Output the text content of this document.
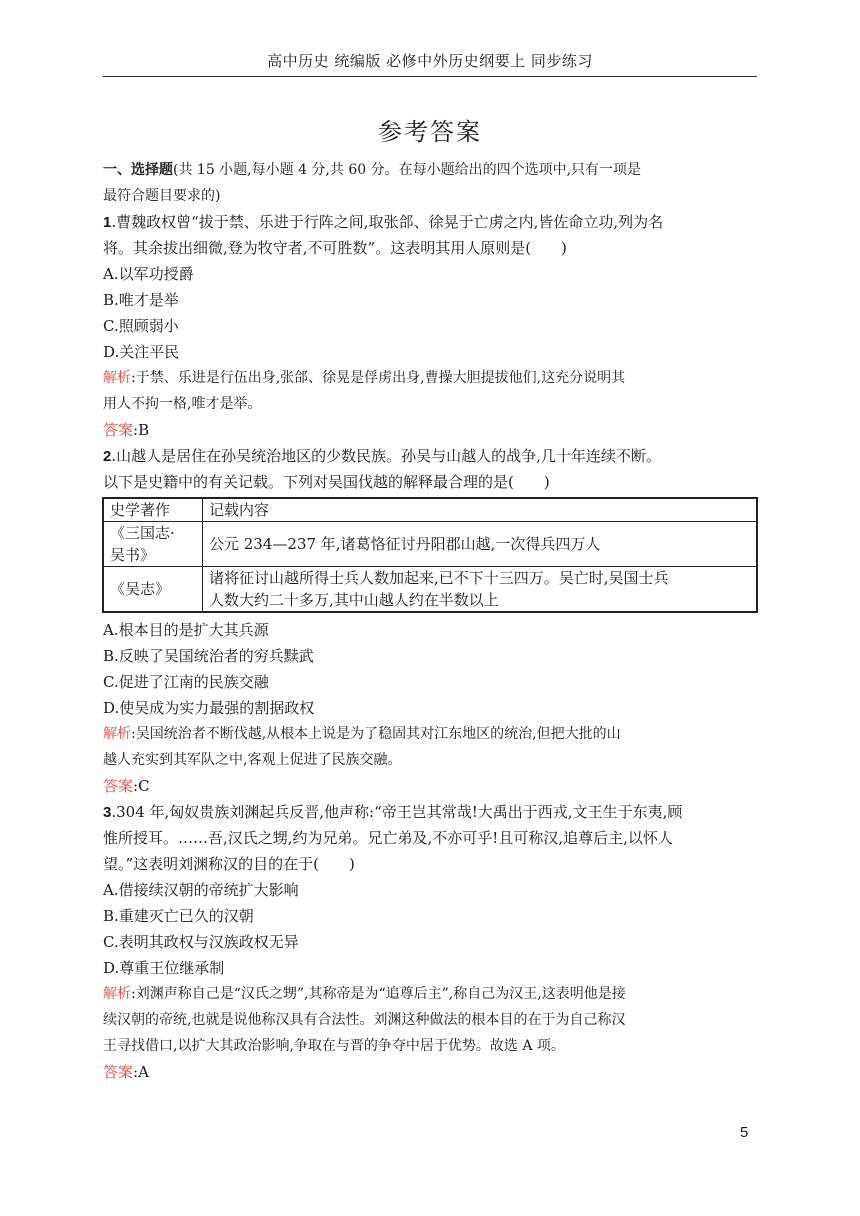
高中历史 统编版 必修中外历史纲要上 同步练习
参考答案
一、选择题(共 15 小题,每小题 4 分,共 60 分。在每小题给出的四个选项中,只有一项是
最符合题目要求的)
1.曹魏政权曾“拔于禁、乐进于行阵之间,取张郃、徐晃于亡虏之内,皆佐命立功,列为名
将。其余拔出细微,登为牧守者,不可胜数”。这表明其用人原则是(　　)
A.以军功授爵
B.唯才是举
C.照顾弱小
D.关注平民
解析:于禁、乐进是行伍出身,张郃、徐晃是俘虏出身,曹操大胆提拔他们,这充分说明其
用人不拘一格,唯才是举。
答案:B
2.山越人是居住在孙吴统治地区的少数民族。孙吴与山越人的战争,几十年连续不断。
以下是史籍中的有关记载。下列对吴国伐越的解释最合理的是(　　)
史学著作	记载内容

《三国志·
吴书》	公元 234—237 年,诸葛恪征讨丹阳郡山越,一次得兵四万人
《吴志》	诸将征讨山越所得士兵人数加起来,已不下十三四万。吴亡时,吴国士兵
人数大约二十多万,其中山越人约在半数以上
A.根本目的是扩大其兵源
B.反映了吴国统治者的穷兵黩武
C.促进了江南的民族交融
D.使吴成为实力最强的割据政权
解析:吴国统治者不断伐越,从根本上说是为了稳固其对江东地区的统治,但把大批的山
越人充实到其军队之中,客观上促进了民族交融。
答案:C
3.304 年,匈奴贵族刘渊起兵反晋,他声称:“帝王岂其常哉!大禹出于西戎,文王生于东夷,顾
惟所授耳。……吾,汉氏之甥,约为兄弟。兄亡弟及,不亦可乎!且可称汉,追尊后主,以怀人
望。”这表明刘渊称汉的目的在于(　　)
A.借接续汉朝的帝统扩大影响
B.重建灭亡已久的汉朝
C.表明其政权与汉族政权无异
D.尊重王位继承制
解析:刘渊声称自己是“汉氏之甥”,其称帝是为“追尊后主”,称自己为汉王,这表明他是接
续汉朝的帝统,也就是说他称汉具有合法性。刘渊这种做法的根本目的在于为自己称汉
王寻找借口,以扩大其政治影响,争取在与晋的争夺中居于优势。故选 A 项。
答案:A
5
